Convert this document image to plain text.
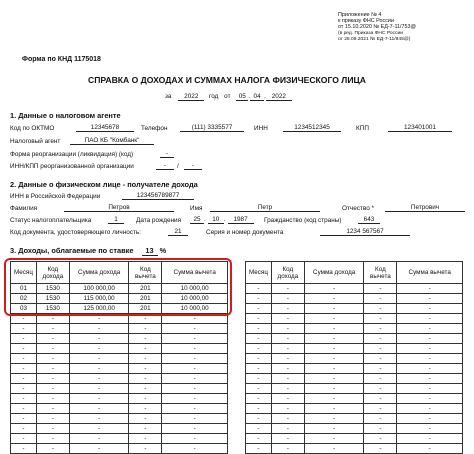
Приложение № 4
к приказу ФНС России
от 15.10.2020 № ЕД-7-11/753@
(в ред. Приказа ФНС России
от 28.09.2021 № ЕД-7-11/845@)
Форма по КНД 1175018
СПРАВКА О ДОХОДАХ И СУММАХ НАЛОГА ФИЗИЧЕСКОГО ЛИЦА
за 2022 год от 05 . 04 . 2022
1. Данные о налоговом агенте
Код по ОКТМО	12345678	Телефон	(111) 3335577	ИНН	1234512345	КПП	123401001
Налоговый агент	ПАО КБ "Комбанк"
Форма реорганизации (ликвидация) (код)	-
ИНН/КПП реорганизованной организации	-	/	-
2. Данные о физическом лице - получателе дохода
ИНН в Российской Федерации	123456789877
Фамилия	Петров	Имя	Петр	Отчество *	Петрович
Статус налогоплательщика	1	Дата рождения	25 . 10 . 1987	Гражданство (код страны)	643
Код документа, удостоверяющего личность:	21	Серия и номер документа	1234 567567
3. Доходы, облагаемые по ставке 13 %
Месяц	Код дохода	Сумма дохода	Код вычета	Сумма вычета
01	1530	100 000,00	201	10 000,00
02	1530	115 000,00	201	10 000,00
03	1530	125 000,00	201	10 000,00
-	-	-	-	-
-	-	-	-	-
-	-	-	-	-
-	-	-	-	-
-	-	-	-	-
-	-	-	-	-
-	-	-	-	-
-	-	-	-	-
-	-	-	-	-
-	-	-	-	-
-	-	-	-	-
-	-	-	-	-
-	-	-	-	-
-	-	-	-	-
Месяц	Код дохода	Сумма дохода	Код вычета	Сумма вычета
-	-	-	-	-
-	-	-	-	-
-	-	-	-	-
-	-	-	-	-
-	-	-	-	-
-	-	-	-	-
-	-	-	-	-
-	-	-	-	-
-	-	-	-	-
-	-	-	-	-
-	-	-	-	-
-	-	-	-	-
-	-	-	-	-
-	-	-	-	-
-	-	-	-	-
-	-	-	-	-
-	-	-	-	-
